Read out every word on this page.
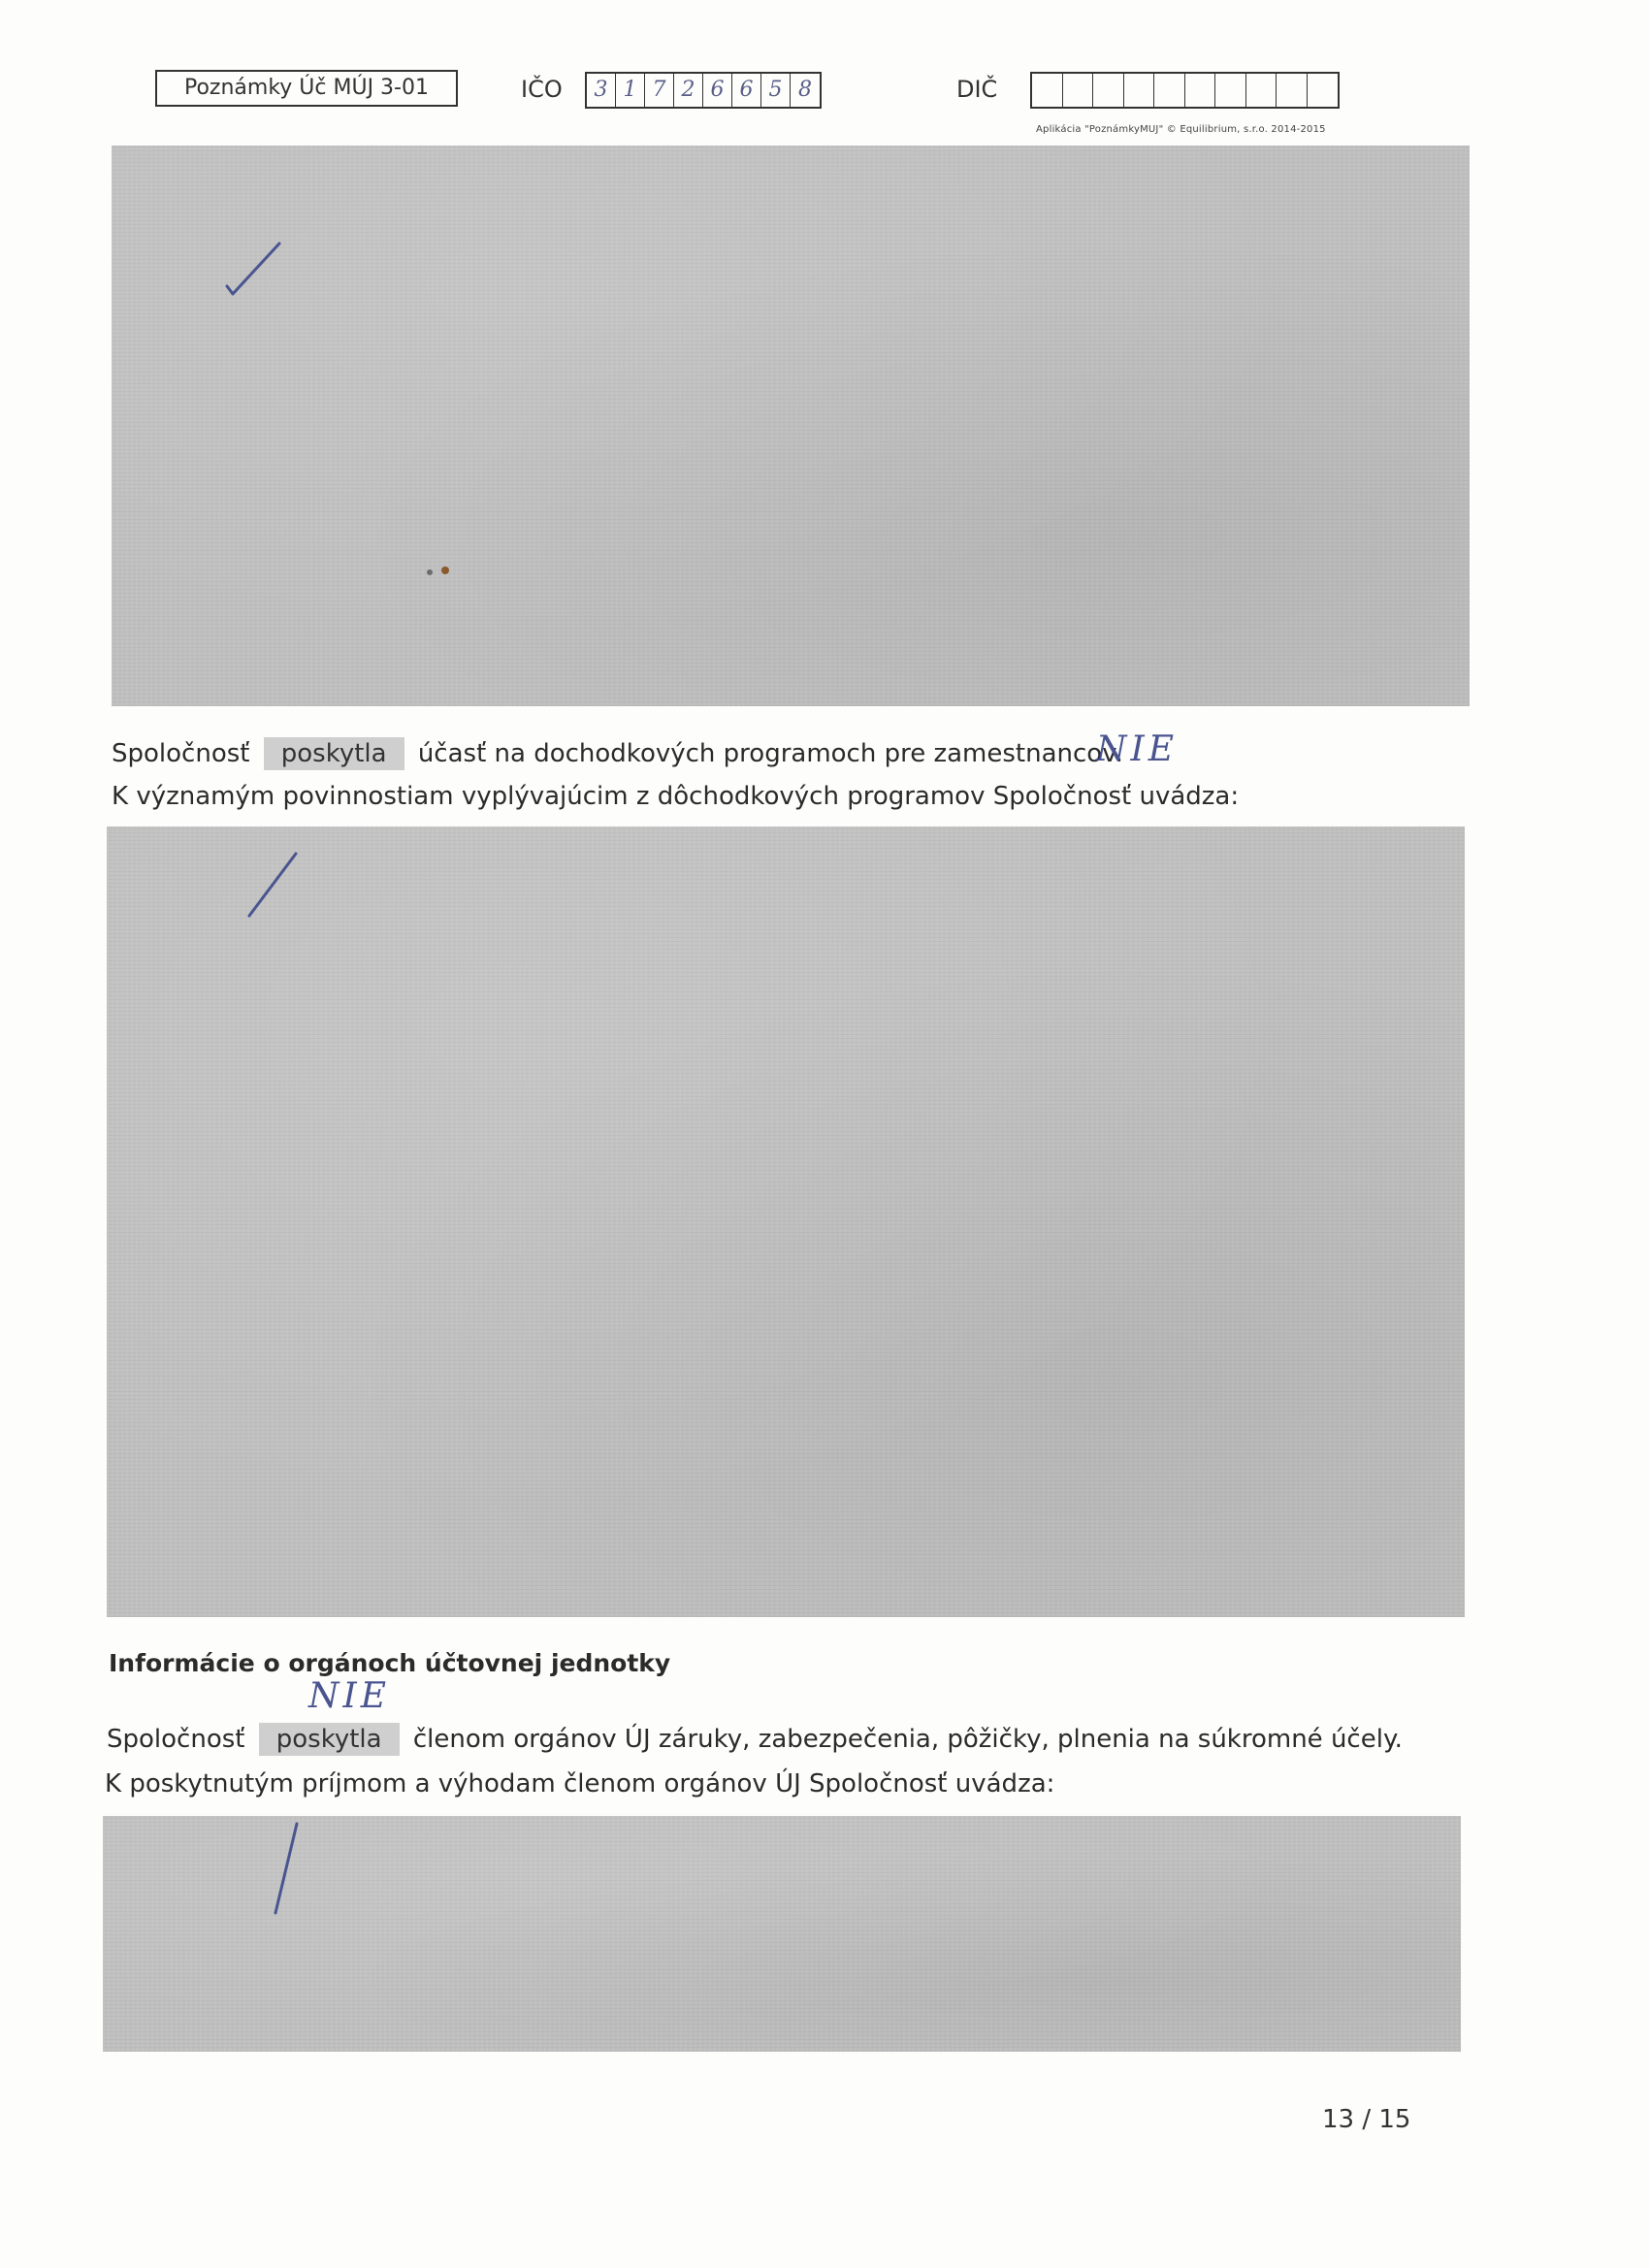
Poznámky Úč MÚJ 3-01	IČO	3 1 7 2 6 6 5 8	DIČ
Aplikácia "PoznámkyMUJ" © Equilibrium, s.r.o. 2014-2015
Spoločnosť poskytla účasť na dochodkových programoch pre zamestnancov.
NIE
K významým povinnostiam vyplývajúcim z dôchodkových programov Spoločnosť uvádza:
Informácie o orgánoch účtovnej jednotky
NIE
Spoločnosť poskytla členom orgánov ÚJ záruky, zabezpečenia, pôžičky, plnenia na súkromné účely.
K poskytnutým príjmom a výhodam členom orgánov ÚJ Spoločnosť uvádza:
13 / 15
